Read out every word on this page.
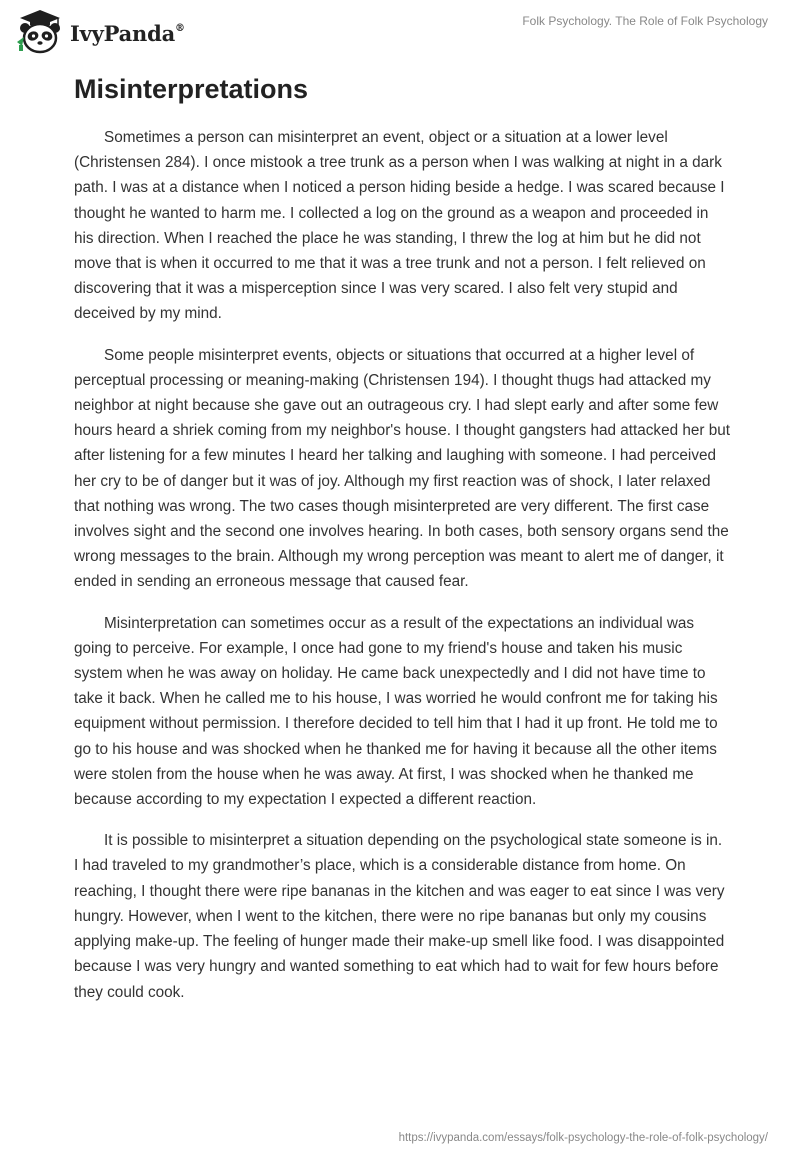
IvyPanda®	Folk Psychology. The Role of Folk Psychology
Misinterpretations

Sometimes a person can misinterpret an event, object or a situation at a lower level (Christensen 284). I once mistook a tree trunk as a person when I was walking at night in a dark path. I was at a distance when I noticed a person hiding beside a hedge. I was scared because I thought he wanted to harm me. I collected a log on the ground as a weapon and proceeded in his direction. When I reached the place he was standing, I threw the log at him but he did not move that is when it occurred to me that it was a tree trunk and not a person. I felt relieved on discovering that it was a misperception since I was very scared. I also felt very stupid and deceived by my mind.

Some people misinterpret events, objects or situations that occurred at a higher level of perceptual processing or meaning-making (Christensen 194). I thought thugs had attacked my neighbor at night because she gave out an outrageous cry. I had slept early and after some few hours heard a shriek coming from my neighbor's house. I thought gangsters had attacked her but after listening for a few minutes I heard her talking and laughing with someone. I had perceived her cry to be of danger but it was of joy. Although my first reaction was of shock, I later relaxed that nothing was wrong. The two cases though misinterpreted are very different. The first case involves sight and the second one involves hearing. In both cases, both sensory organs send the wrong messages to the brain. Although my wrong perception was meant to alert me of danger, it ended in sending an erroneous message that caused fear.

Misinterpretation can sometimes occur as a result of the expectations an individual was going to perceive. For example, I once had gone to my friend's house and taken his music system when he was away on holiday. He came back unexpectedly and I did not have time to take it back. When he called me to his house, I was worried he would confront me for taking his equipment without permission. I therefore decided to tell him that I had it up front. He told me to go to his house and was shocked when he thanked me for having it because all the other items were stolen from the house when he was away. At first, I was shocked when he thanked me because according to my expectation I expected a different reaction.

It is possible to misinterpret a situation depending on the psychological state someone is in. I had traveled to my grandmother’s place, which is a considerable distance from home. On reaching, I thought there were ripe bananas in the kitchen and was eager to eat since I was very hungry. However, when I went to the kitchen, there were no ripe bananas but only my cousins applying make-up. The feeling of hunger made their make-up smell like food. I was disappointed because I was very hungry and wanted something to eat which had to wait for few hours before they could cook.

https://ivypanda.com/essays/folk-psychology-the-role-of-folk-psychology/
